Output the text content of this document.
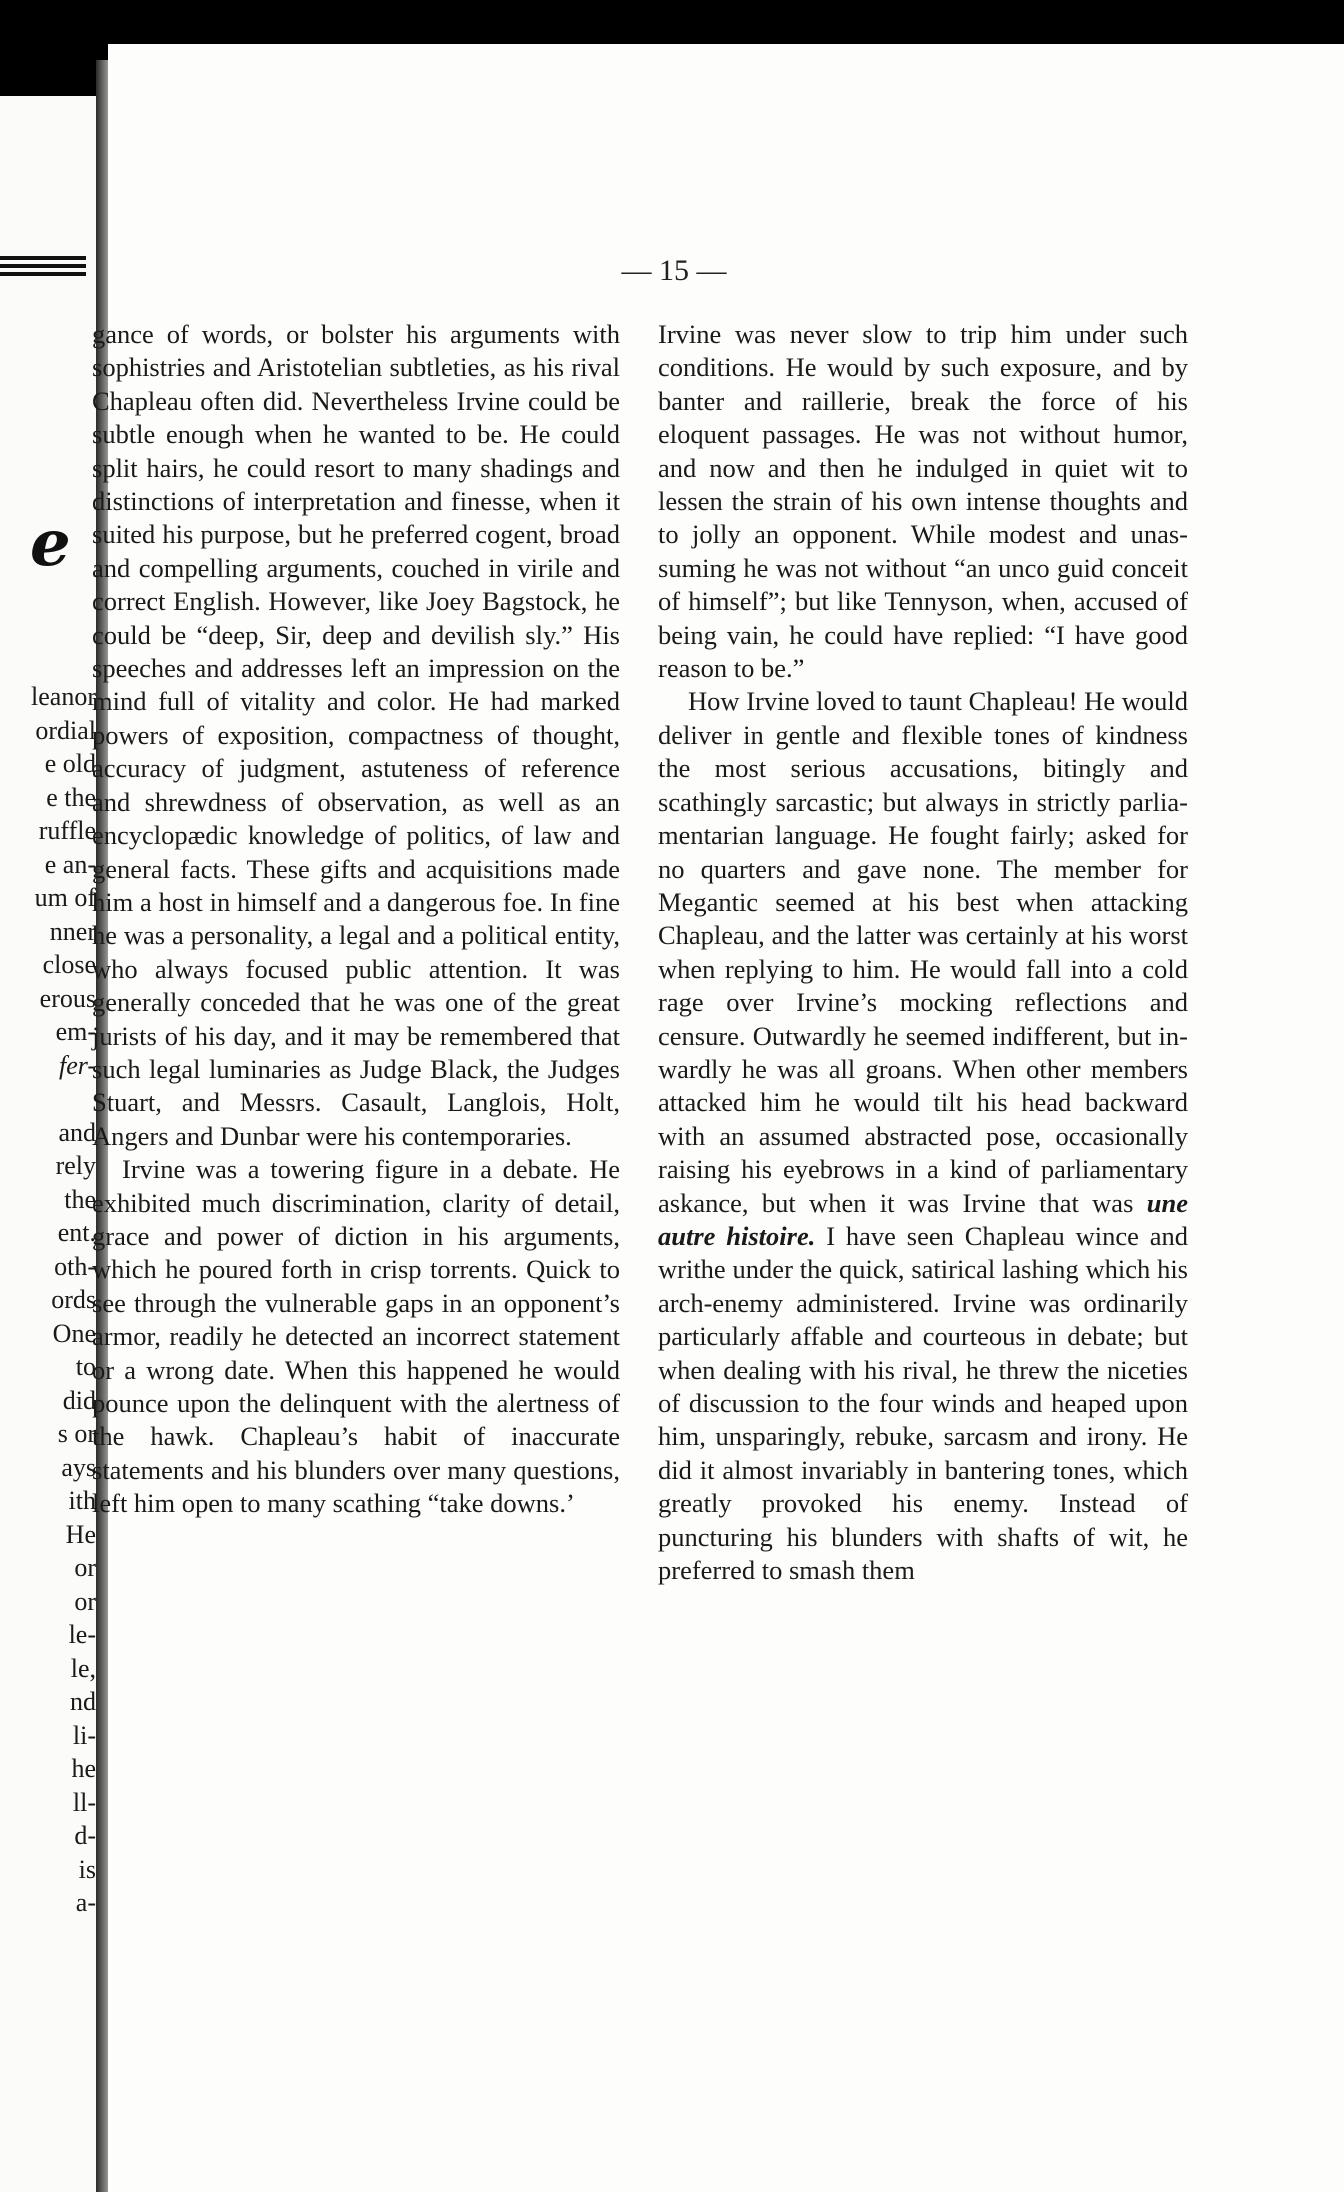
e
leanor
ordial
e old
e the
ruffle
e an-
um of
nner
close
erous
em-
fer-
and
rely
the
ent.
oth-
ords
One
to
did
s or
ays
ith
He
or
or
le-
le,
nd
li-
he
ll-
d-
is
a-

— 15 —

gance of words, or bolster his arguments with sophistries and Aristotelian subtleties, as his rival Chapleau often did. Nevertheless Irvine could be subtle enough when he wanted to be. He could split hairs, he could resort to many shadings and distinctions of interpretation and finesse, when it suited his purpose, but he preferred cogent, broad and compelling arguments, couched in virile and correct English. However, like Joey Bagstock, he could be “deep, Sir, deep and devilish sly.” His speeches and addresses left an impression on the mind full of vitality and color. He had marked powers of exposition, compactness of thought, accuracy of judgment, astuteness of reference and shrewdness of observation, as well as an encyclopædic knowledge of politics, of law and general facts. These gifts and acquisitions made him a host in himself and a dangerous foe. In fine he was a personality, a legal and a political entity, who always focused public attention. It was generally conceded that he was one of the great jurists of his day, and it may be remembered that such legal luminaries as Judge Black, the Judges Stuart, and Messrs. Casault, Langlois, Holt, Angers and Dunbar were his contemporaries.

Irvine was a towering figure in a debate. He exhibited much discrimination, clarity of detail, grace and power of diction in his arguments, which he poured forth in crisp torrents. Quick to see through the vulnerable gaps in an opponent’s armor, readily he detected an incorrect statement or a wrong date. When this happened he would pounce upon the delinquent with the alertness of the hawk. Chapleau’s habit of inaccurate statements and his blunders over many questions, left him open to many scathing “take downs.’

Irvine was never slow to trip him under such conditions. He would by such exposure, and by banter and raillerie, break the force of his eloquent passages. He was not without humor, and now and then he indulged in quiet wit to lessen the strain of his own intense thoughts and to jolly an opponent. While modest and unassuming he was not without “an unco guid conceit of himself”; but like Tennyson, when, accused of being vain, he could have replied: “I have good reason to be.”

How Irvine loved to taunt Chapleau! He would deliver in gentle and flexible tones of kindness the most serious accusations, bitingly and scathingly sarcastic; but always in strictly parliamentarian language. He fought fairly; asked for no quarters and gave none. The member for Megantic seemed at his best when attacking Chapleau, and the latter was certainly at his worst when replying to him. He would fall into a cold rage over Irvine’s mocking reflections and censure. Outwardly he seemed indifferent, but inwardly he was all groans. When other members attacked him he would tilt his head backward with an assumed abstracted pose, occasionally raising his eyebrows in a kind of parliamentary askance, but when it was Irvine that was une autre histoire. I have seen Chapleau wince and writhe under the quick, satirical lashing which his arch-enemy administered. Irvine was ordinarily particularly affable and courteous in debate; but when dealing with his rival, he threw the niceties of discussion to the four winds and heaped upon him, unsparingly, rebuke, sarcasm and irony. He did it almost invariably in bantering tones, which greatly provoked his enemy. Instead of puncturing his blunders with shafts of wit, he preferred to smash them
